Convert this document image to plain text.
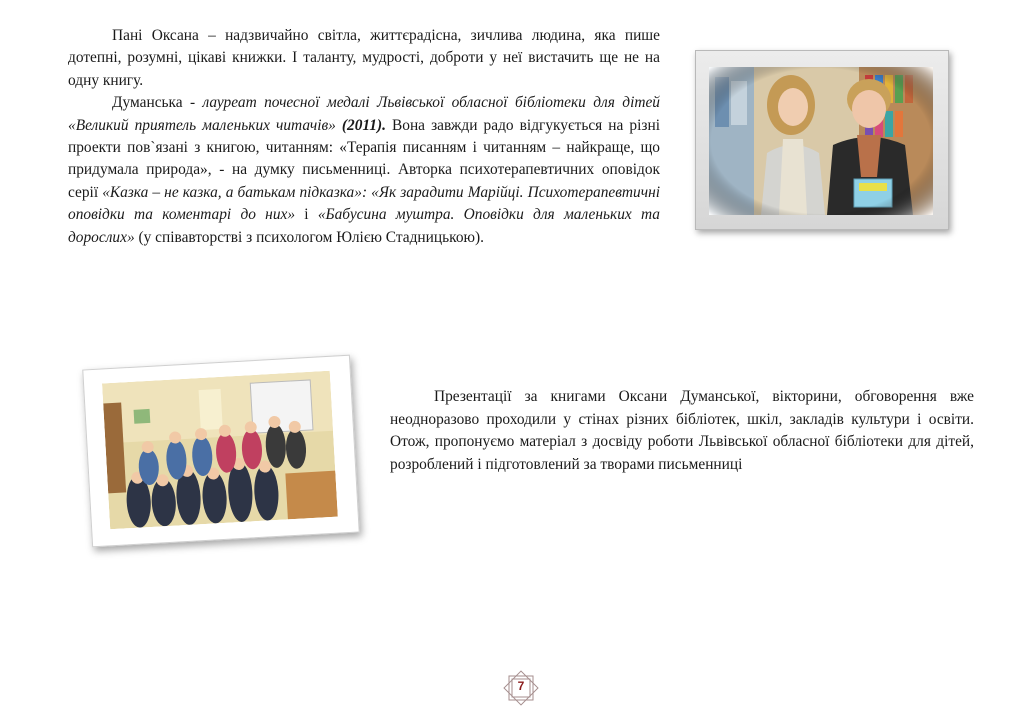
Пані Оксана – надзвичайно світла, життєрадісна, зичлива людина, яка пише дотепні, розумні, цікаві книжки. І таланту, мудрості, доброти у неї вистачить ще не на одну книгу.

Думанська - лауреат почесної медалі Львівської обласної бібліотеки для дітей «Великий приятель маленьких читачів» (2011). Вона завжди радо відгукується на різні проекти пов`язані з книгою, читанням: «Терапія писанням і читанням – найкраще, що придумала природа», - на думку письменниці. Авторка психотерапевтичних оповідок серії «Казка – не казка, а батькам підказка»: «Як зарадити Марійці. Психотерапевтичні оповідки та коментарі до них» і «Бабусина муштра. Оповідки для маленьких та дорослих» (у співавторстві з психологом Юлією Стадницькою).

Презентації за книгами Оксани Думанської, вікторини, обговорення вже неодноразово проходили у стінах різних бібліотек, шкіл, закладів культури і освіти. Отож, пропонуємо матеріал з досвіду роботи Львівської обласної бібліотеки для дітей, розроблений і підготовлений за творами письменниці

7
